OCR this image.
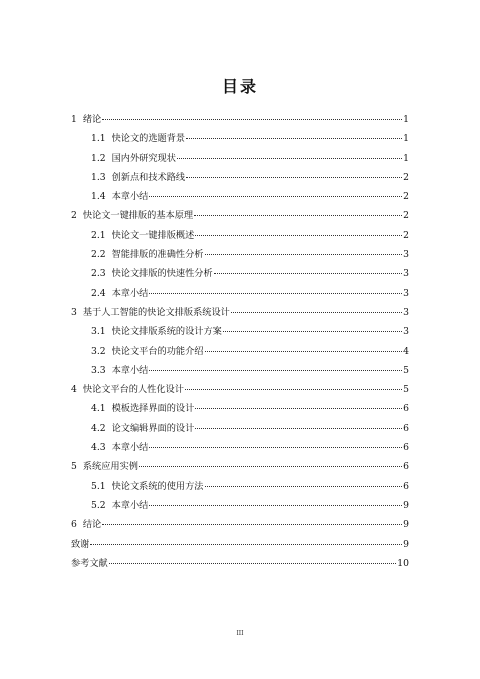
目录
1 绪论	1
1.1 快论文的选题背景	1
1.2 国内外研究现状	1
1.3 创新点和技术路线	2
1.4 本章小结	2
2 快论文一键排版的基本原理	2
2.1 快论文一键排版概述	2
2.2 智能排版的准确性分析	3
2.3 快论文排版的快速性分析	3
2.4 本章小结	3
3 基于人工智能的快论文排版系统设计	3
3.1 快论文排版系统的设计方案	3
3.2 快论文平台的功能介绍	4
3.3 本章小结	5
4 快论文平台的人性化设计	5
4.1 模板选择界面的设计	6
4.2 论文编辑界面的设计	6
4.3 本章小结	6
5 系统应用实例	6
5.1 快论文系统的使用方法	6
5.2 本章小结	9
6 结论	9
致谢	9
参考文献	10
III
